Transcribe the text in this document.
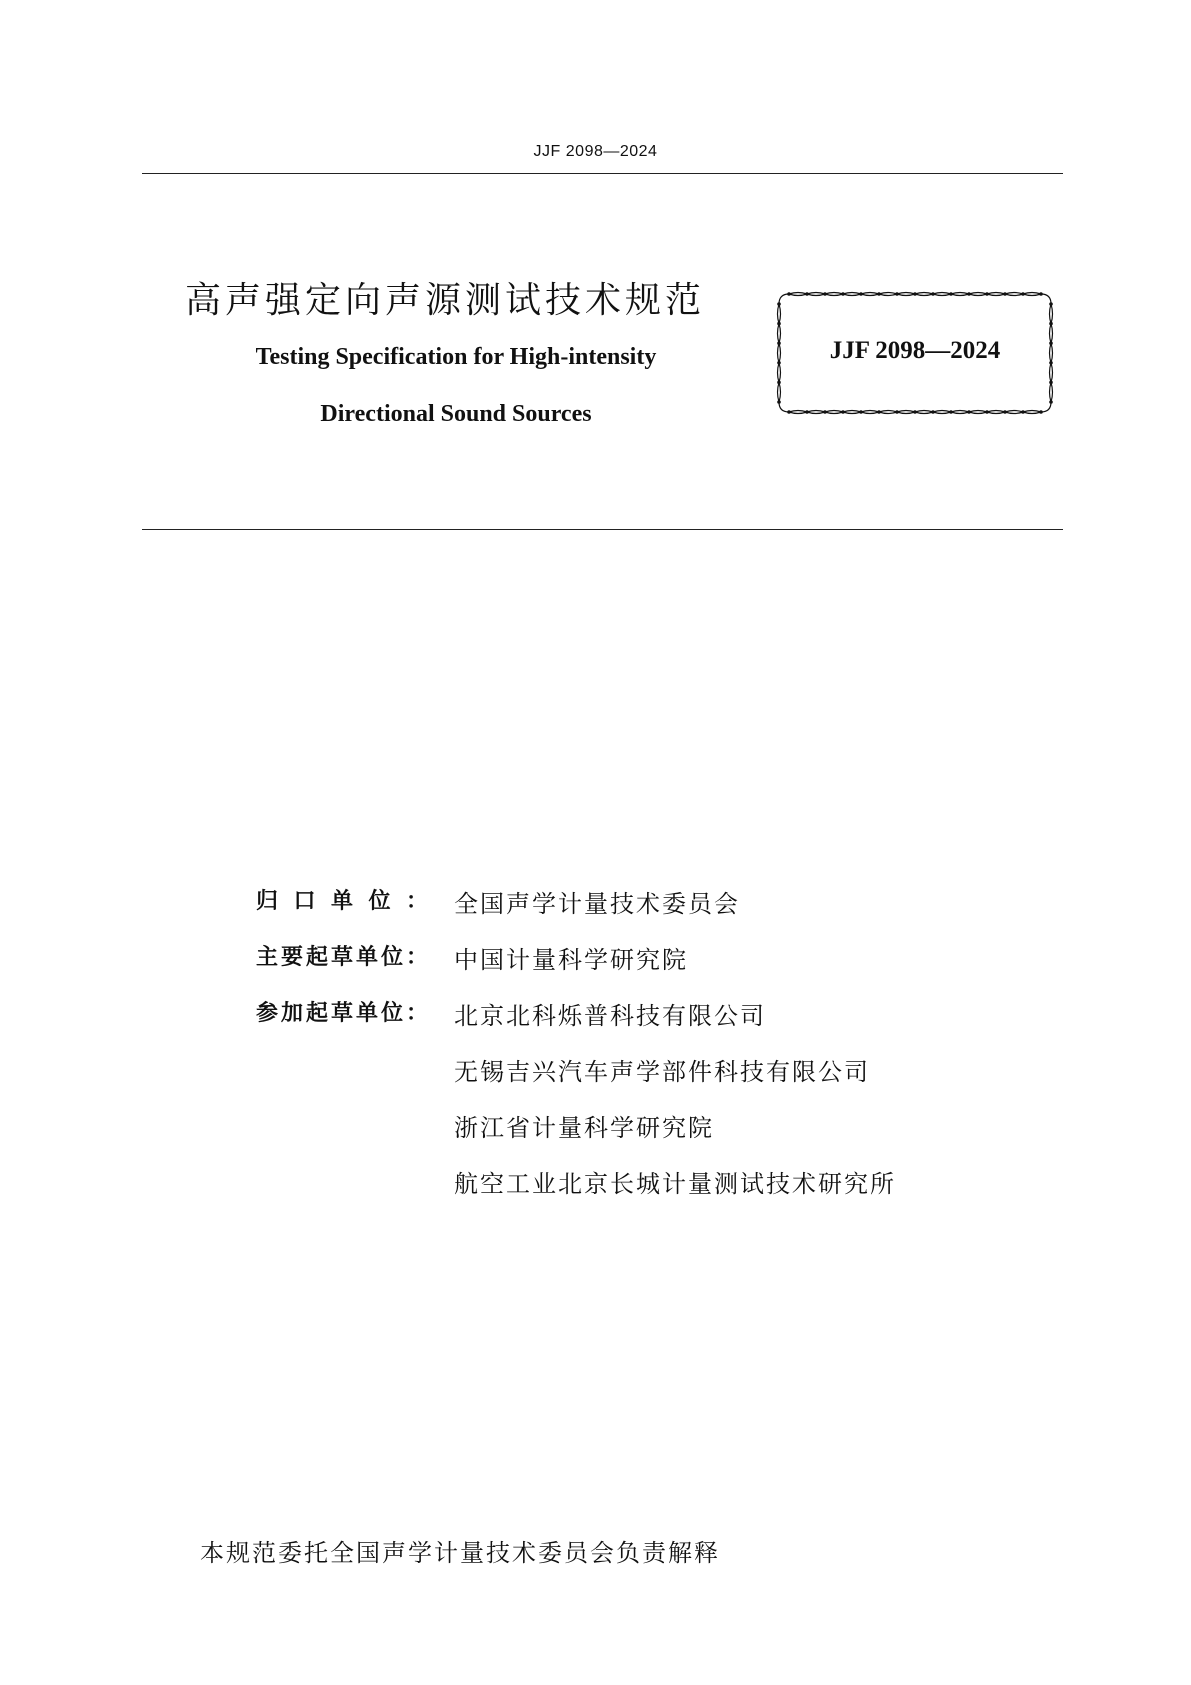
JJF 2098—2024
高声强定向声源测试技术规范
Testing Specification for High-intensity
Directional Sound Sources
JJF 2098—2024
归口单位： 全国声学计量技术委员会
主要起草单位： 中国计量科学研究院
参加起草单位： 北京北科烁普科技有限公司
无锡吉兴汽车声学部件科技有限公司
浙江省计量科学研究院
航空工业北京长城计量测试技术研究所
本规范委托全国声学计量技术委员会负责解释
